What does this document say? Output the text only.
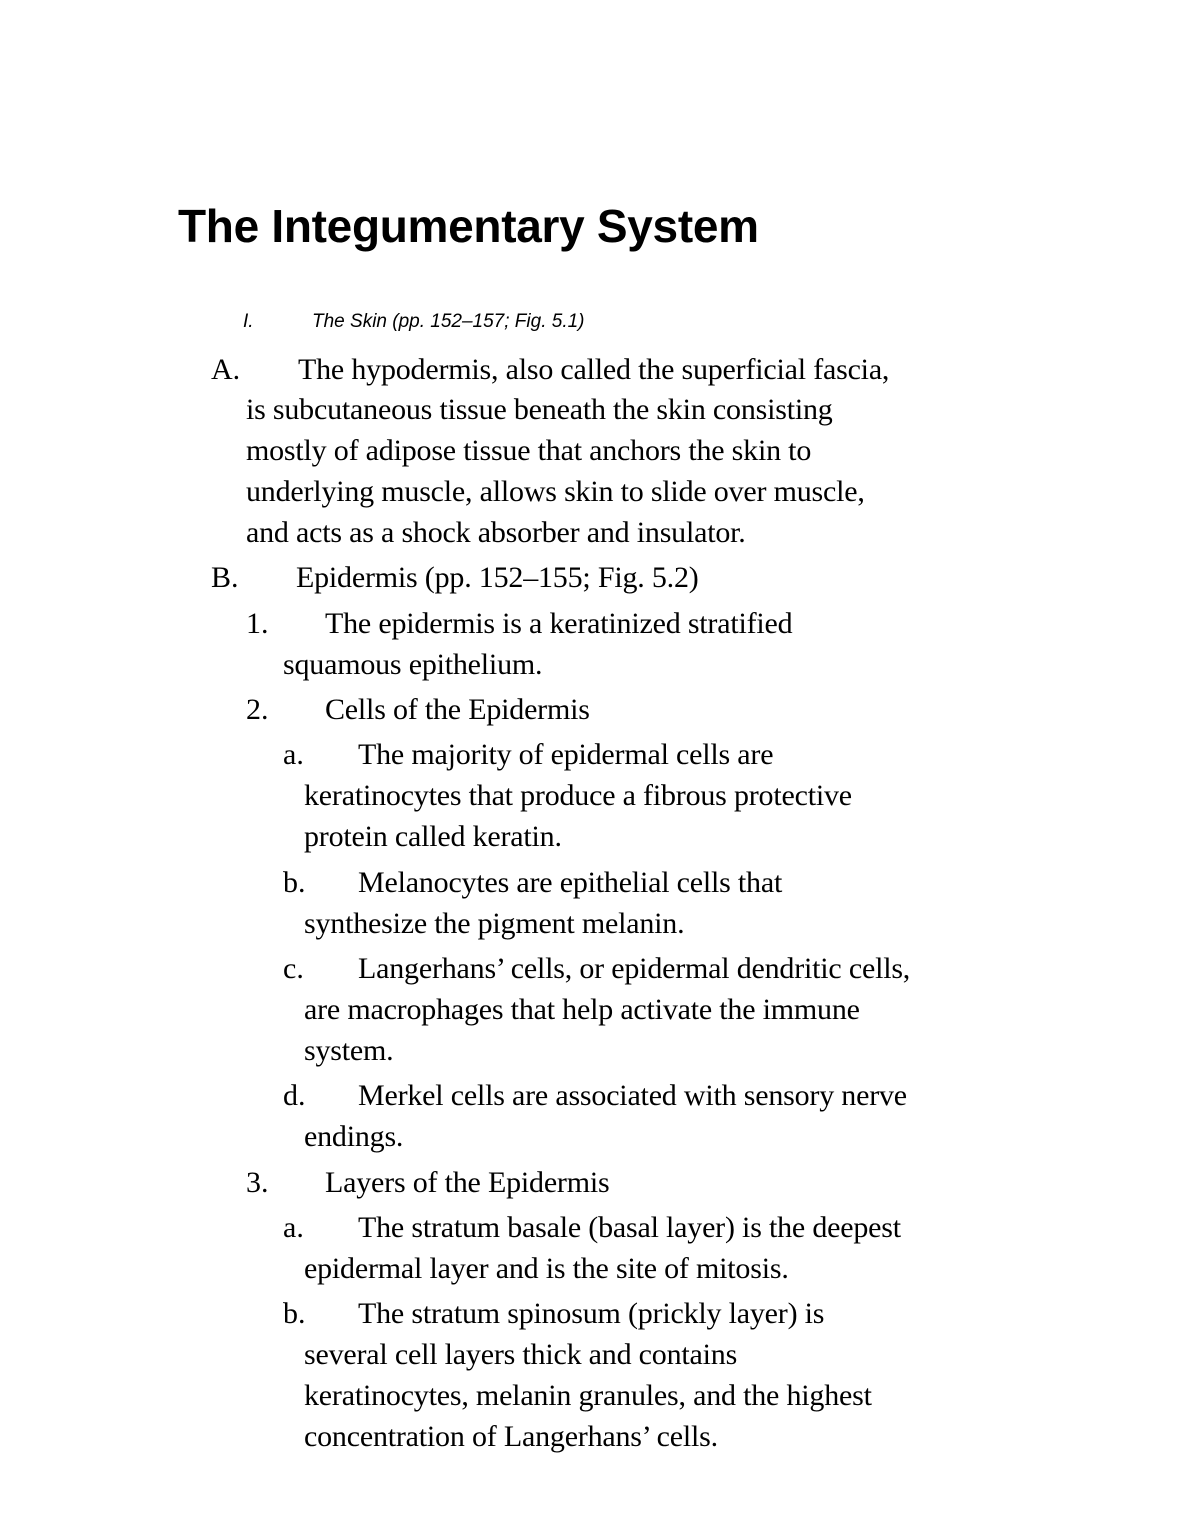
The Integumentary System
I.	The Skin (pp. 152–157; Fig. 5.1)
A. The hypodermis, also called the superficial fascia,
is subcutaneous tissue beneath the skin consisting
mostly of adipose tissue that anchors the skin to
underlying muscle, allows skin to slide over muscle,
and acts as a shock absorber and insulator.
B. Epidermis (pp. 152–155; Fig. 5.2)
1. The epidermis is a keratinized stratified
squamous epithelium.
2. Cells of the Epidermis
a. The majority of epidermal cells are
keratinocytes that produce a fibrous protective
protein called keratin.
b. Melanocytes are epithelial cells that
synthesize the pigment melanin.
c. Langerhans’ cells, or epidermal dendritic cells,
are macrophages that help activate the immune
system.
d. Merkel cells are associated with sensory nerve
endings.
3. Layers of the Epidermis
a. The stratum basale (basal layer) is the deepest
epidermal layer and is the site of mitosis.
b. The stratum spinosum (prickly layer) is
several cell layers thick and contains
keratinocytes, melanin granules, and the highest
concentration of Langerhans’ cells.
